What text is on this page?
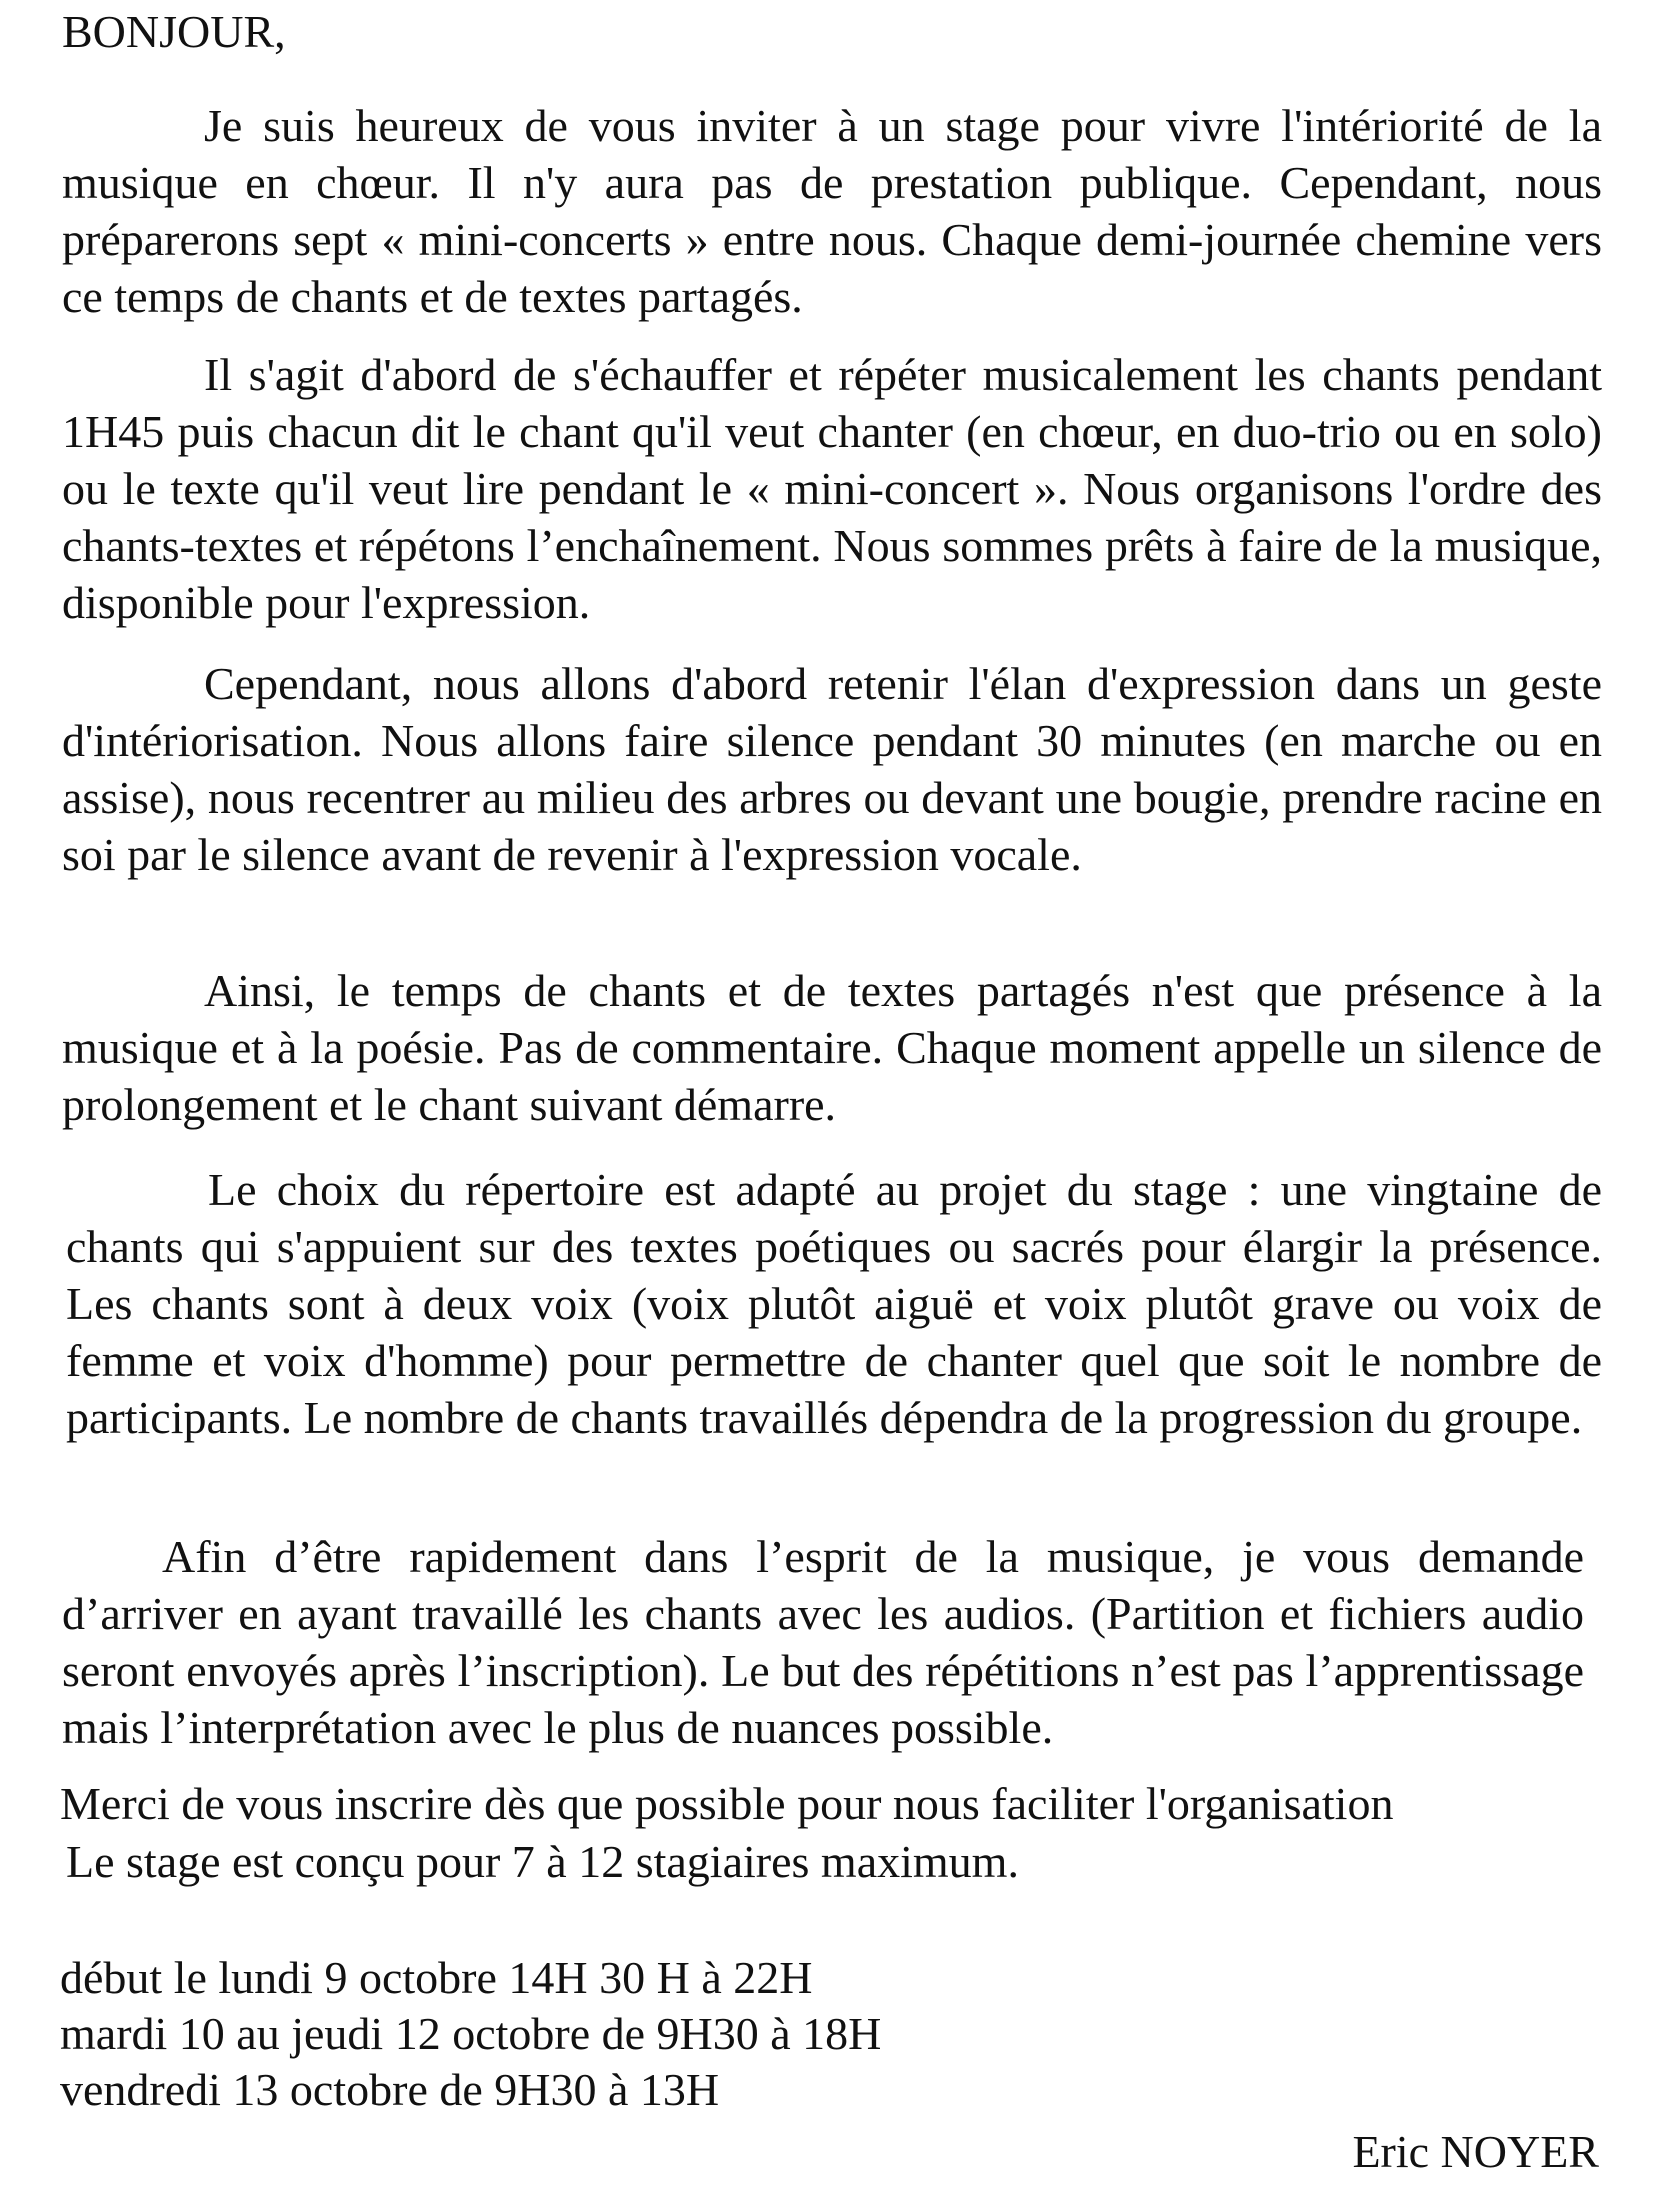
BONJOUR,

Je suis heureux de vous inviter à un stage pour vivre l'intériorité de la musique en chœur. Il n'y aura pas de prestation publique. Cependant, nous préparerons sept « mini-concerts » entre nous. Chaque demi-journée chemine vers ce temps de chants et de textes partagés.

Il s'agit d'abord de s'échauffer et répéter musicalement les chants pendant 1H45 puis chacun dit le chant qu'il veut chanter (en chœur, en duo-trio ou en solo) ou le texte qu'il veut lire pendant le « mini-concert ». Nous organisons l'ordre des chants-textes et répétons l’enchaînement. Nous sommes prêts à faire de la musique, disponible pour l'expression.

Cependant, nous allons d'abord retenir l'élan d'expression dans un geste d'intériorisation. Nous allons faire silence pendant 30 minutes (en marche ou en assise), nous recentrer au milieu des arbres ou devant une bougie, prendre racine en soi par le silence avant de revenir à l'expression vocale.

Ainsi, le temps de chants et de textes partagés n'est que présence à la musique et à la poésie. Pas de commentaire. Chaque moment appelle un silence de prolongement et le chant suivant démarre.

Le choix du répertoire est adapté au projet du stage : une vingtaine de chants qui s'appuient sur des textes poétiques ou sacrés pour élargir la présence. Les chants sont à deux voix (voix plutôt aiguë et voix plutôt grave ou voix de femme et voix d'homme) pour permettre de chanter quel que soit le nombre de participants. Le nombre de chants travaillés dépendra de la progression du groupe.

Afin d’être rapidement dans l’esprit de la musique, je vous demande d’arriver en ayant travaillé les chants avec les audios. (Partition et fichiers audio seront envoyés après l’inscription). Le but des répétitions n’est pas l’apprentissage mais l’interprétation avec le plus de nuances possible.

Merci de vous inscrire dès que possible pour nous faciliter l'organisation

Le stage est conçu pour 7 à 12 stagiaires maximum.

début le lundi 9 octobre 14H 30 H à 22H
mardi 10 au jeudi 12 octobre de 9H30 à 18H
vendredi 13 octobre de 9H30 à 13H

Eric NOYER
